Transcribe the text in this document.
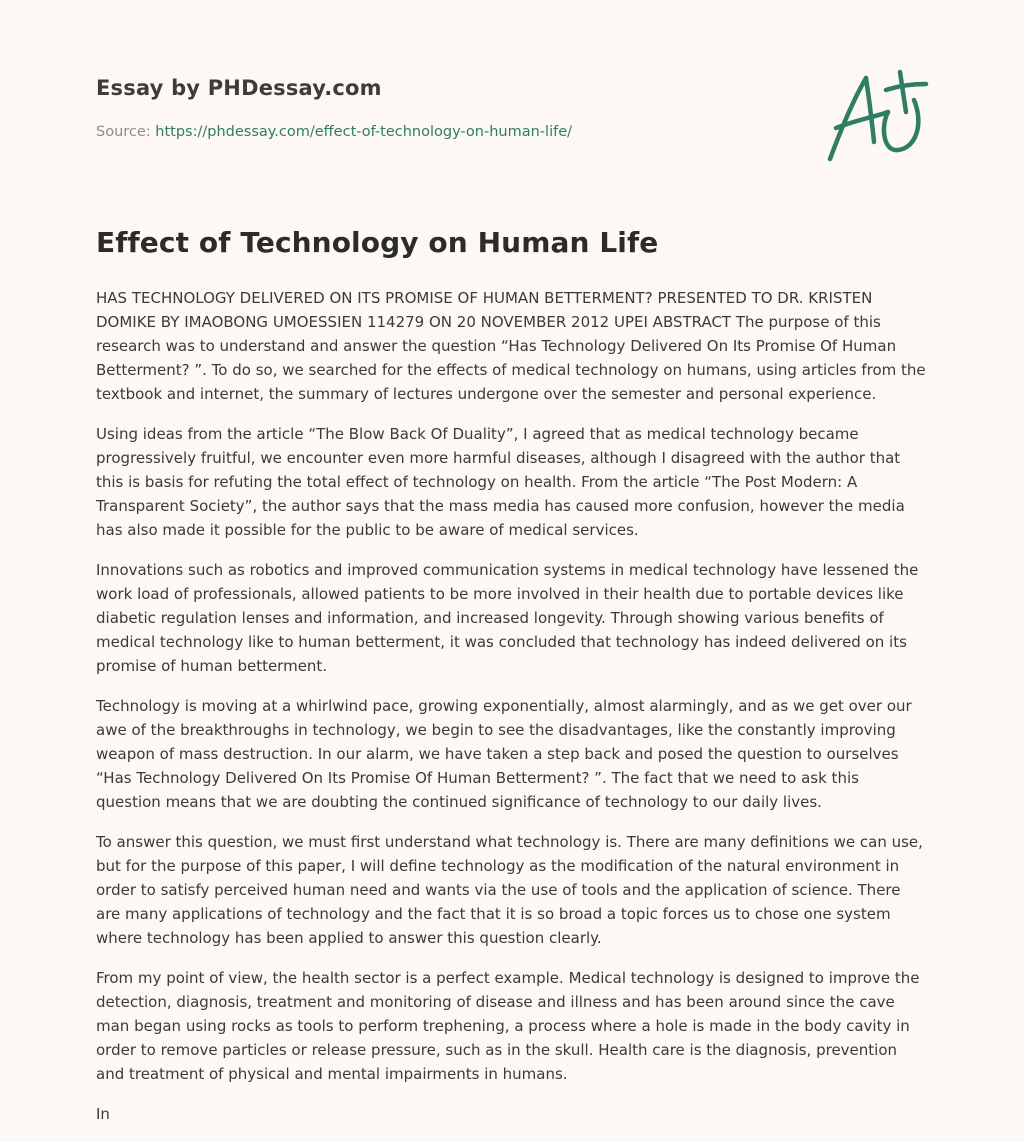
Essay by PHDessay.com
Source: https://phdessay.com/effect-of-technology-on-human-life/
Effect of Technology on Human Life

HAS TECHNOLOGY DELIVERED ON ITS PROMISE OF HUMAN BETTERMENT? PRESENTED TO DR. KRISTEN DOMIKE BY IMAOBONG UMOESSIEN 114279 ON 20 NOVEMBER 2012 UPEI ABSTRACT The purpose of this research was to understand and answer the question “Has Technology Delivered On Its Promise Of Human Betterment? ”. To do so, we searched for the effects of medical technology on humans, using articles from the textbook and internet, the summary of lectures undergone over the semester and personal experience.

Using ideas from the article “The Blow Back Of Duality”, I agreed that as medical technology became progressively fruitful, we encounter even more harmful diseases, although I disagreed with the author that this is basis for refuting the total effect of technology on health. From the article “The Post Modern: A Transparent Society”, the author says that the mass media has caused more confusion, however the media has also made it possible for the public to be aware of medical services.

Innovations such as robotics and improved communication systems in medical technology have lessened the work load of professionals, allowed patients to be more involved in their health due to portable devices like diabetic regulation lenses and information, and increased longevity. Through showing various benefits of medical technology like to human betterment, it was concluded that technology has indeed delivered on its promise of human betterment.

Technology is moving at a whirlwind pace, growing exponentially, almost alarmingly, and as we get over our awe of the breakthroughs in technology, we begin to see the disadvantages, like the constantly improving weapon of mass destruction. In our alarm, we have taken a step back and posed the question to ourselves “Has Technology Delivered On Its Promise Of Human Betterment? ”. The fact that we need to ask this question means that we are doubting the continued significance of technology to our daily lives.

To answer this question, we must first understand what technology is. There are many definitions we can use, but for the purpose of this paper, I will define technology as the modification of the natural environment in order to satisfy perceived human need and wants via the use of tools and the application of science. There are many applications of technology and the fact that it is so broad a topic forces us to chose one system where technology has been applied to answer this question clearly.

From my point of view, the health sector is a perfect example. Medical technology is designed to improve the detection, diagnosis, treatment and monitoring of disease and illness and has been around since the cave man began using rocks as tools to perform trephening, a process where a hole is made in the body cavity in order to remove particles or release pressure, such as in the skull. Health care is the diagnosis, prevention and treatment of physical and mental impairments in humans.

In
